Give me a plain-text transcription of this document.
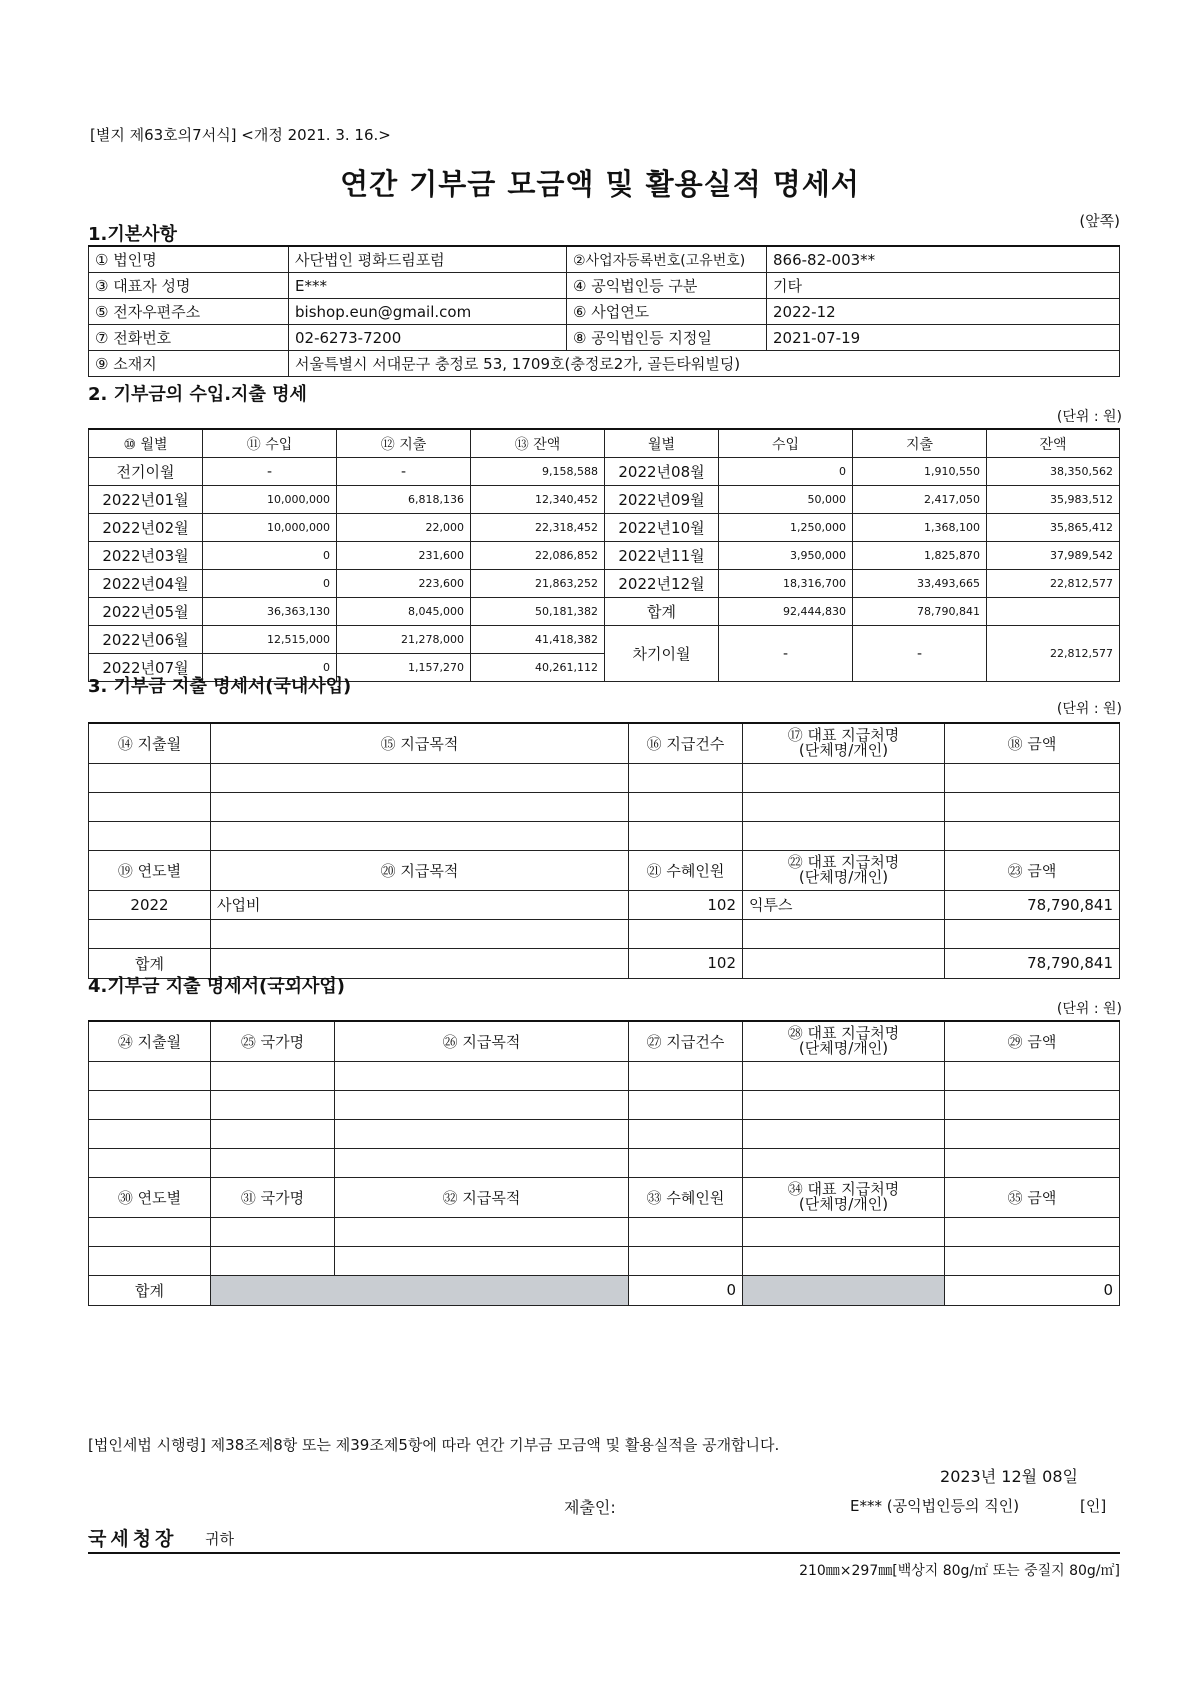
[별지 제63호의7서식] <개정 2021. 3. 16.>
연간 기부금 모금액 및 활용실적 명세서
(앞쪽)
1.기본사항
① 법인명	사단법인 평화드림포럼	②사업자등록번호(고유번호)	866-82-003**
③ 대표자 성명	E***	④ 공익법인등 구분	기타
⑤ 전자우편주소	bishop.eun@gmail.com	⑥ 사업연도	2022-12
⑦ 전화번호	02-6273-7200	⑧ 공익법인등 지정일	2021-07-19
⑨ 소재지	서울특별시 서대문구 충정로 53, 1709호(충정로2가, 골든타워빌딩)		
2. 기부금의 수입.지출 명세
(단위 : 원)
⑩ 월별	⑪ 수입	⑫ 지출	⑬ 잔액	월별	수입	지출	잔액
전기이월	-	-	9,158,588	2022년08월	0	1,910,550	38,350,562
2022년01월	10,000,000	6,818,136	12,340,452	2022년09월	50,000	2,417,050	35,983,512
2022년02월	10,000,000	22,000	22,318,452	2022년10월	1,250,000	1,368,100	35,865,412
2022년03월	0	231,600	22,086,852	2022년11월	3,950,000	1,825,870	37,989,542
2022년04월	0	223,600	21,863,252	2022년12월	18,316,700	33,493,665	22,812,577
2022년05월	36,363,130	8,045,000	50,181,382	합계	92,444,830	78,790,841	
2022년06월	12,515,000	21,278,000	41,418,382	차기이월	-	-	22,812,577
2022년07월	0	1,157,270	40,261,112				
3. 기부금 지출 명세서(국내사업)
(단위 : 원)
⑭ 지출월	⑮ 지급목적	⑯ 지급건수	⑰ 대표 지급처명
(단체명/개인)	⑱ 금액

⑲ 연도별	⑳ 지급목적	㉑ 수혜인원	㉒ 대표 지급처명
(단체명/개인)	㉓ 금액
2022	사업비	102	익투스	78,790,841

합계		102		78,790,841
4.기부금 지출 명세서(국외사업)
(단위 : 원)
㉔ 지출월	㉕ 국가명	㉖ 지급목적	㉗ 지급건수	㉘ 대표 지급처명
(단체명/개인)	㉙ 금액

㉚ 연도별	㉛ 국가명	㉜ 지급목적	㉝ 수혜인원	㉞ 대표 지급처명
(단체명/개인)	㉟ 금액

합계			0		0
[법인세법 시행령] 제38조제8항 또는 제39조제5항에 따라 연간 기부금 모금액 및 활용실적을 공개합니다.
2023년 12월 08일
제출인:	E*** (공익법인등의 직인)	[인]
국세청장 귀하
210㎜×297㎜[백상지 80g/㎡ 또는 중질지 80g/㎡]
